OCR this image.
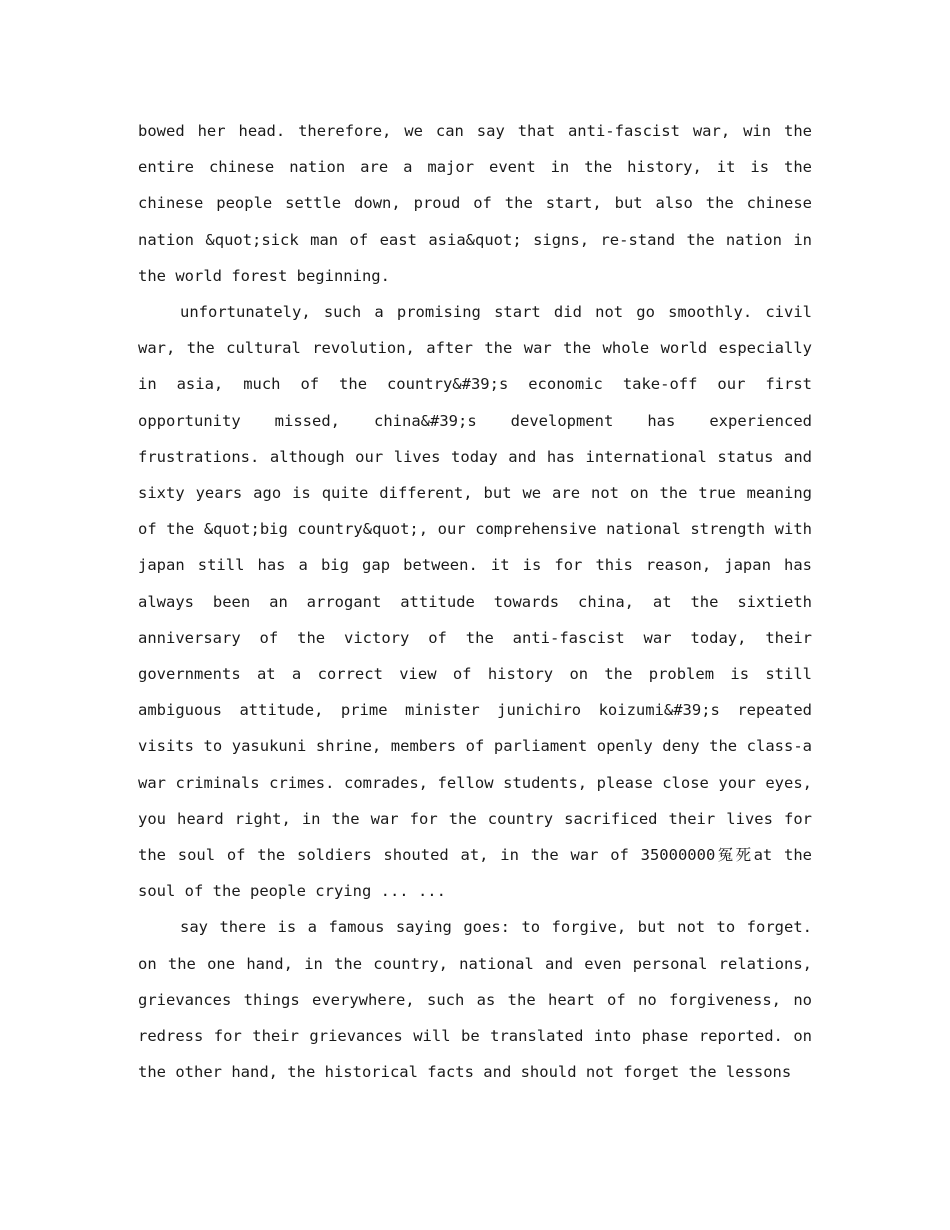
bowed her head. therefore, we can say that anti-fascist war, win the entire chinese nation are a major event in the history, it is the chinese people settle down, proud of the start, but also the chinese nation &quot;sick man of east asia&quot; signs, re-stand the nation in the world forest beginning.

unfortunately, such a promising start did not go smoothly. civil war, the cultural revolution, after the war the whole world especially in asia, much of the country&#39;s economic take-off our first opportunity missed, china&#39;s development has experienced frustrations. although our lives today and has international status and sixty years ago is quite different, but we are not on the true meaning of the &quot;big country&quot;, our comprehensive national strength with japan still has a big gap between. it is for this reason, japan has always been an arrogant attitude towards china, at the sixtieth anniversary of the victory of the anti-fascist war today, their governments at a correct view of history on the problem is still ambiguous attitude, prime minister junichiro koizumi&#39;s repeated visits to yasukuni shrine, members of parliament openly deny the class-a war criminals crimes. comrades, fellow students, please close your eyes, you heard right, in the war for the country sacrificed their lives for the soul of the soldiers shouted at, in the war of 35000000冤死at the soul of the people crying ... ...

say there is a famous saying goes: to forgive, but not to forget. on the one hand, in the country, national and even personal relations, grievances things everywhere, such as the heart of no forgiveness, no redress for their grievances will be translated into phase reported. on the other hand, the historical facts and should not forget the lessons
